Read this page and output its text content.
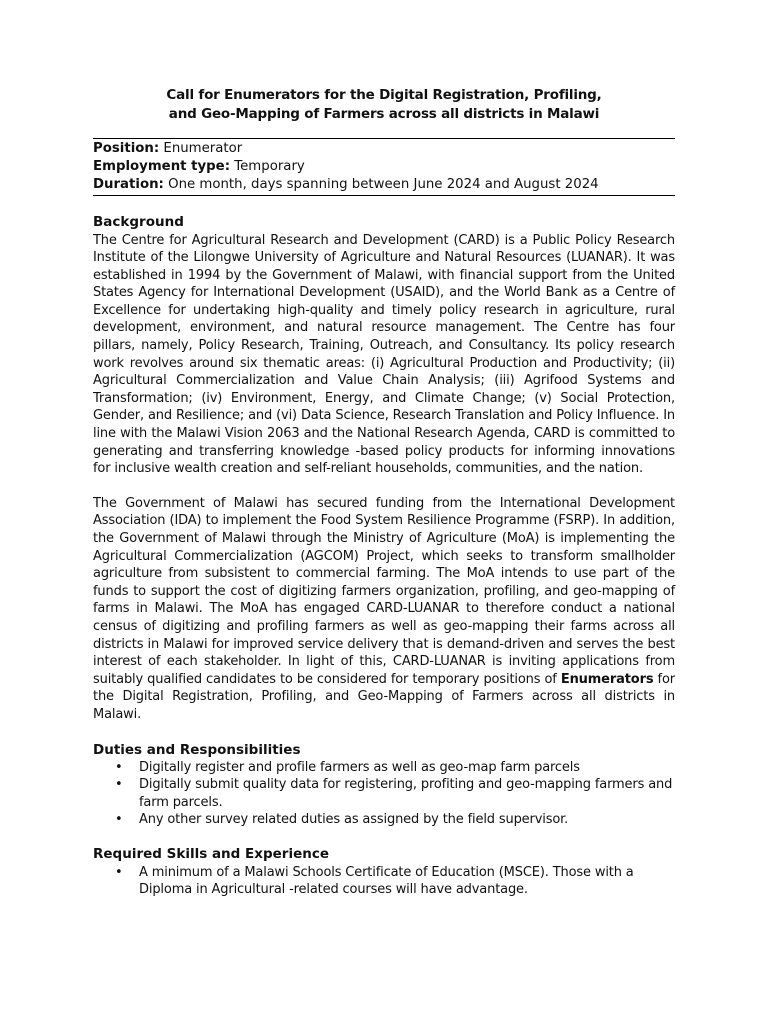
Call for Enumerators for the Digital Registration, Profiling,
and Geo-Mapping of Farmers across all districts in Malawi
Position: Enumerator
Employment type: Temporary
Duration: One month, days spanning between June 2024 and August 2024
Background

The Centre for Agricultural Research and Development (CARD) is a Public Policy Research Institute of the Lilongwe University of Agriculture and Natural Resources (LUANAR). It was established in 1994 by the Government of Malawi, with financial support from the United States Agency for International Development (USAID), and the World Bank as a Centre of Excellence for undertaking high-quality and timely policy research in agriculture, rural development, environment, and natural resource management. The Centre has four pillars, namely, Policy Research, Training, Outreach, and Consultancy. Its policy research work revolves around six thematic areas: (i) Agricultural Production and Productivity; (ii) Agricultural Commercialization and Value Chain Analysis; (iii) Agrifood Systems and Transformation; (iv) Environment, Energy, and Climate Change; (v) Social Protection, Gender, and Resilience; and (vi) Data Science, Research Translation and Policy Influence. In line with the Malawi Vision 2063 and the National Research Agenda, CARD is committed to generating and transferring knowledge -based policy products for informing innovations for inclusive wealth creation and self-reliant households, communities, and the nation.

The Government of Malawi has secured funding from the International Development Association (IDA) to implement the Food System Resilience Programme (FSRP). In addition, the Government of Malawi through the Ministry of Agriculture (MoA) is implementing the Agricultural Commercialization (AGCOM) Project, which seeks to transform smallholder agriculture from subsistent to commercial farming. The MoA intends to use part of the funds to support the cost of digitizing farmers organization, profiling, and geo-mapping of farms in Malawi. The MoA has engaged CARD-LUANAR to therefore conduct a national census of digitizing and profiling farmers as well as geo-mapping their farms across all districts in Malawi for improved service delivery that is demand-driven and serves the best interest of each stakeholder. In light of this, CARD-LUANAR is inviting applications from suitably qualified candidates to be considered for temporary positions of Enumerators for the Digital Registration, Profiling, and Geo-Mapping of Farmers across all districts in Malawi.

Duties and Responsibilities
• Digitally register and profile farmers as well as geo-map farm parcels
• Digitally submit quality data for registering, profiting and geo-mapping farmers and farm parcels.
• Any other survey related duties as assigned by the field supervisor.
Required Skills and Experience
• A minimum of a Malawi Schools Certificate of Education (MSCE). Those with a Diploma in Agricultural -related courses will have advantage.
